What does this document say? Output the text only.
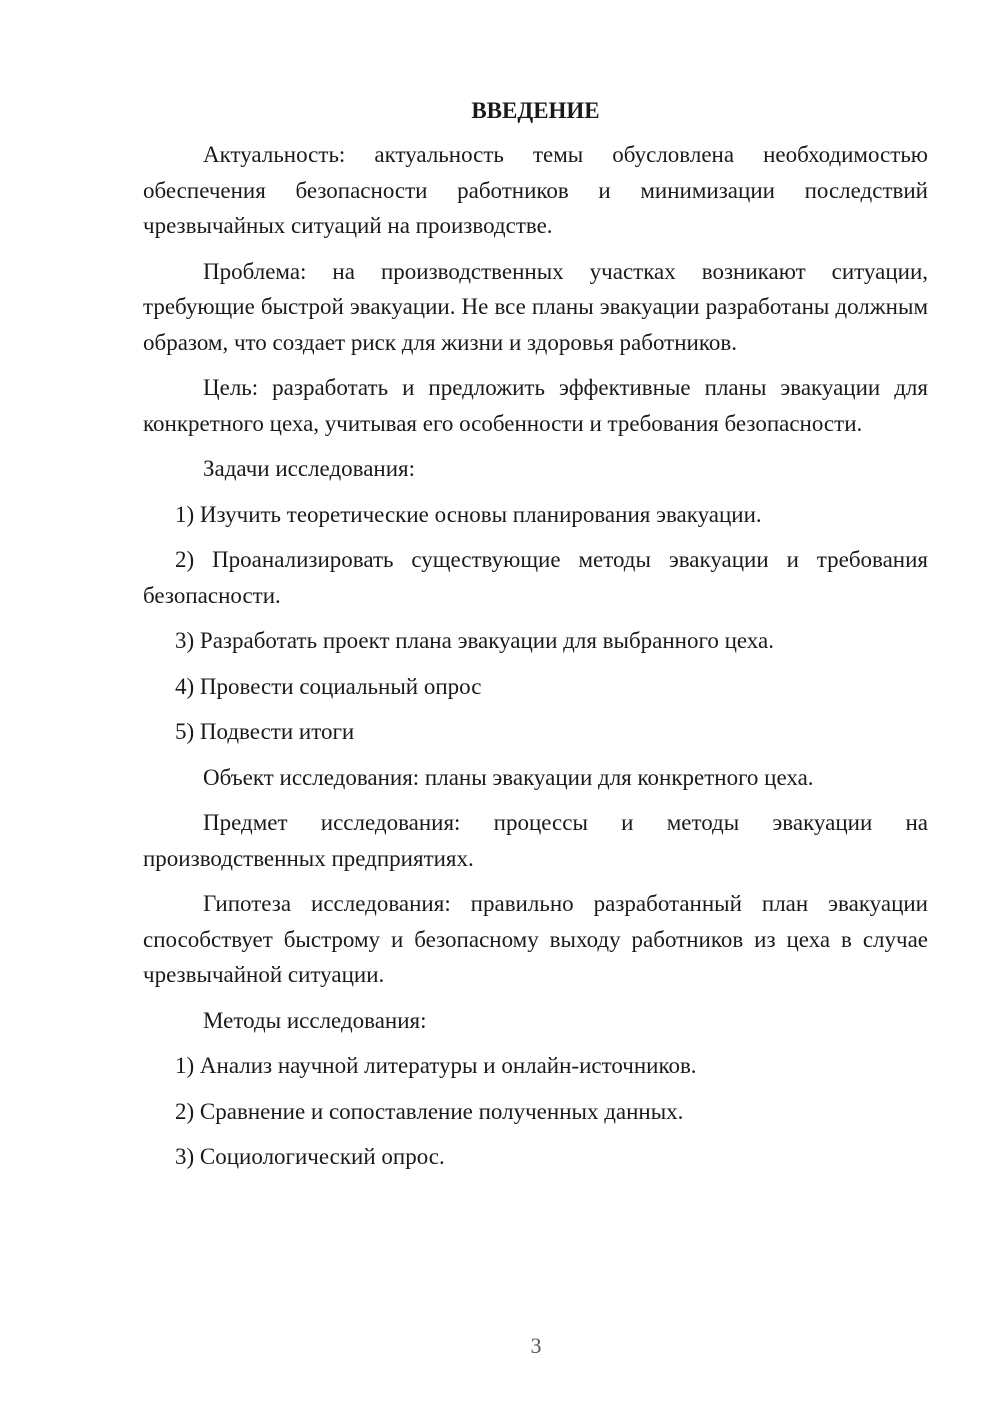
ВВЕДЕНИЕ

Актуальность: актуальность темы обусловлена необходимостью обеспечения безопасности работников и минимизации последствий чрезвычайных ситуаций на производстве.

Проблема: на производственных участках возникают ситуации, требующие быстрой эвакуации. Не все планы эвакуации разработаны должным образом, что создает риск для жизни и здоровья работников.

Цель: разработать и предложить эффективные планы эвакуации для конкретного цеха, учитывая его особенности и требования безопасности.

Задачи исследования:

1) Изучить теоретические основы планирования эвакуации.

2) Проанализировать существующие методы эвакуации и требования безопасности.

3) Разработать проект плана эвакуации для выбранного цеха.

4) Провести социальный опрос

5) Подвести итоги

Объект исследования: планы эвакуации для конкретного цеха.

Предмет исследования: процессы и методы эвакуации на производственных предприятиях.

Гипотеза исследования: правильно разработанный план эвакуации способствует быстрому и безопасному выходу работников из цеха в случае чрезвычайной ситуации.

Методы исследования:

1) Анализ научной литературы и онлайн-источников.

2) Сравнение и сопоставление полученных данных.

3) Социологический опрос.

3
